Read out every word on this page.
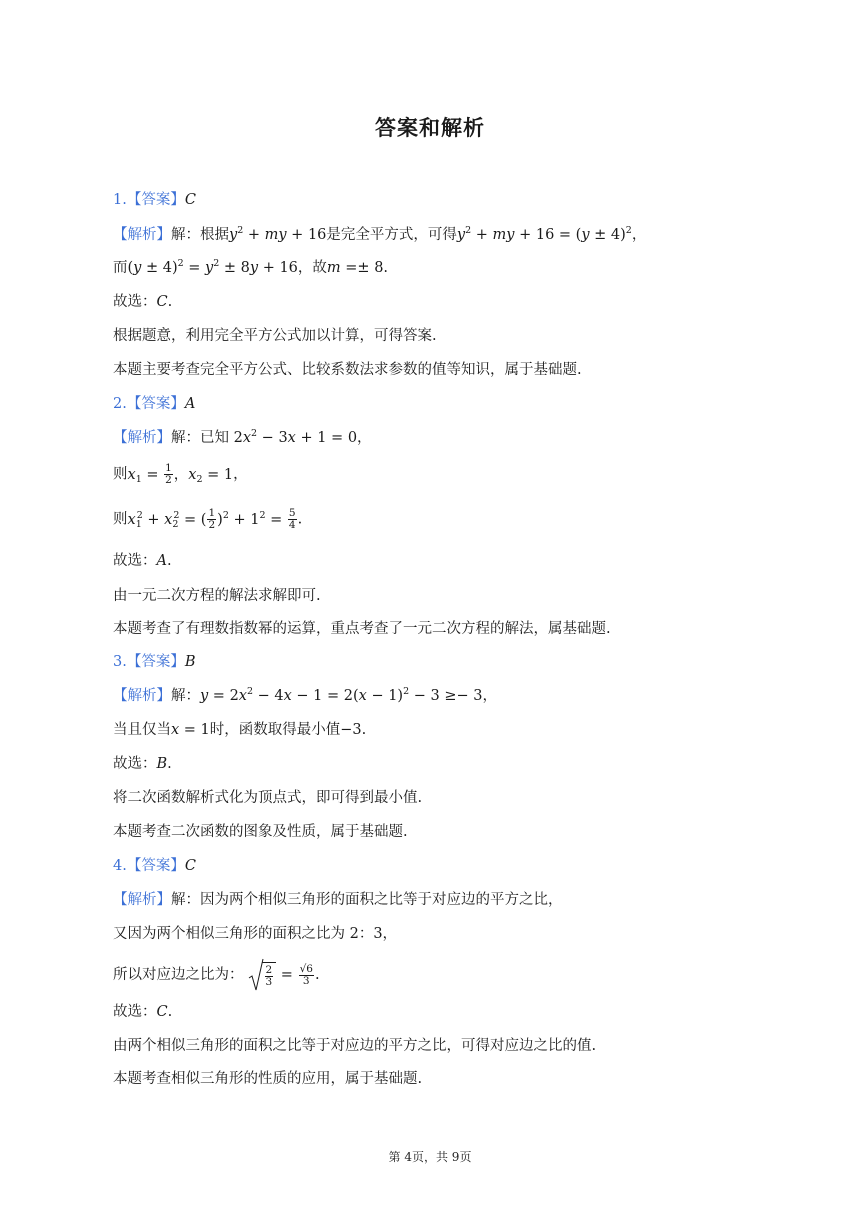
答案和解析
1.【答案】C
【解析】解：根据$y^2$ + my + 16是完全平方式，可得$y^2$ + my + $16 = (y \pm 4)^2$，
而$(y \pm 4)^2 = y^2 \pm 8y + 16$，故m =± 8.
故选：C.
根据题意，利用完全平方公式加以计算，可得答案.
本题主要考查完全平方公式、比较系数法求参数的值等知识，属于基础题.
2.【答案】A
【解析】解：已知 $2x^2 - 3x + 1 = 0$，
则$x_1 = \frac{1}{2}$ ，$x_2 = 1$，
则$x_1^2 + x_2^2$ = ( $\frac{1}{2} )^2 + 1^2 = \frac{5}{4}$ .
故选：A.
由一元二次方程的解法求解即可.
本题考查了有理数指数幂的运算，重点考查了一元二次方程的解法，属基础题.
3.【答案】B
【解析】解：$y = 2x^2 - 4x - 1 = 2(x - 1)^2 - 3 \ge- 3$，
当且仅当x = 1时，函数取得最小值−3.
故选：B.
将二次函数解析式化为顶点式，即可得到最小值.
本题考查二次函数的图象及性质，属于基础题.
4.【答案】C
【解析】解：因为两个相似三角形的面积之比等于对应边的平方之比，
又因为两个相似三角形的面积之比为 2：3，
所以对应边之比为： $\frac{2}{3} = \frac{√6}{3}$ .
故选：C.
由两个相似三角形的面积之比等于对应边的平方之比，可得对应边之比的值.
本题考查相似三角形的性质的应用，属于基础题.
第 4页，共 9页
